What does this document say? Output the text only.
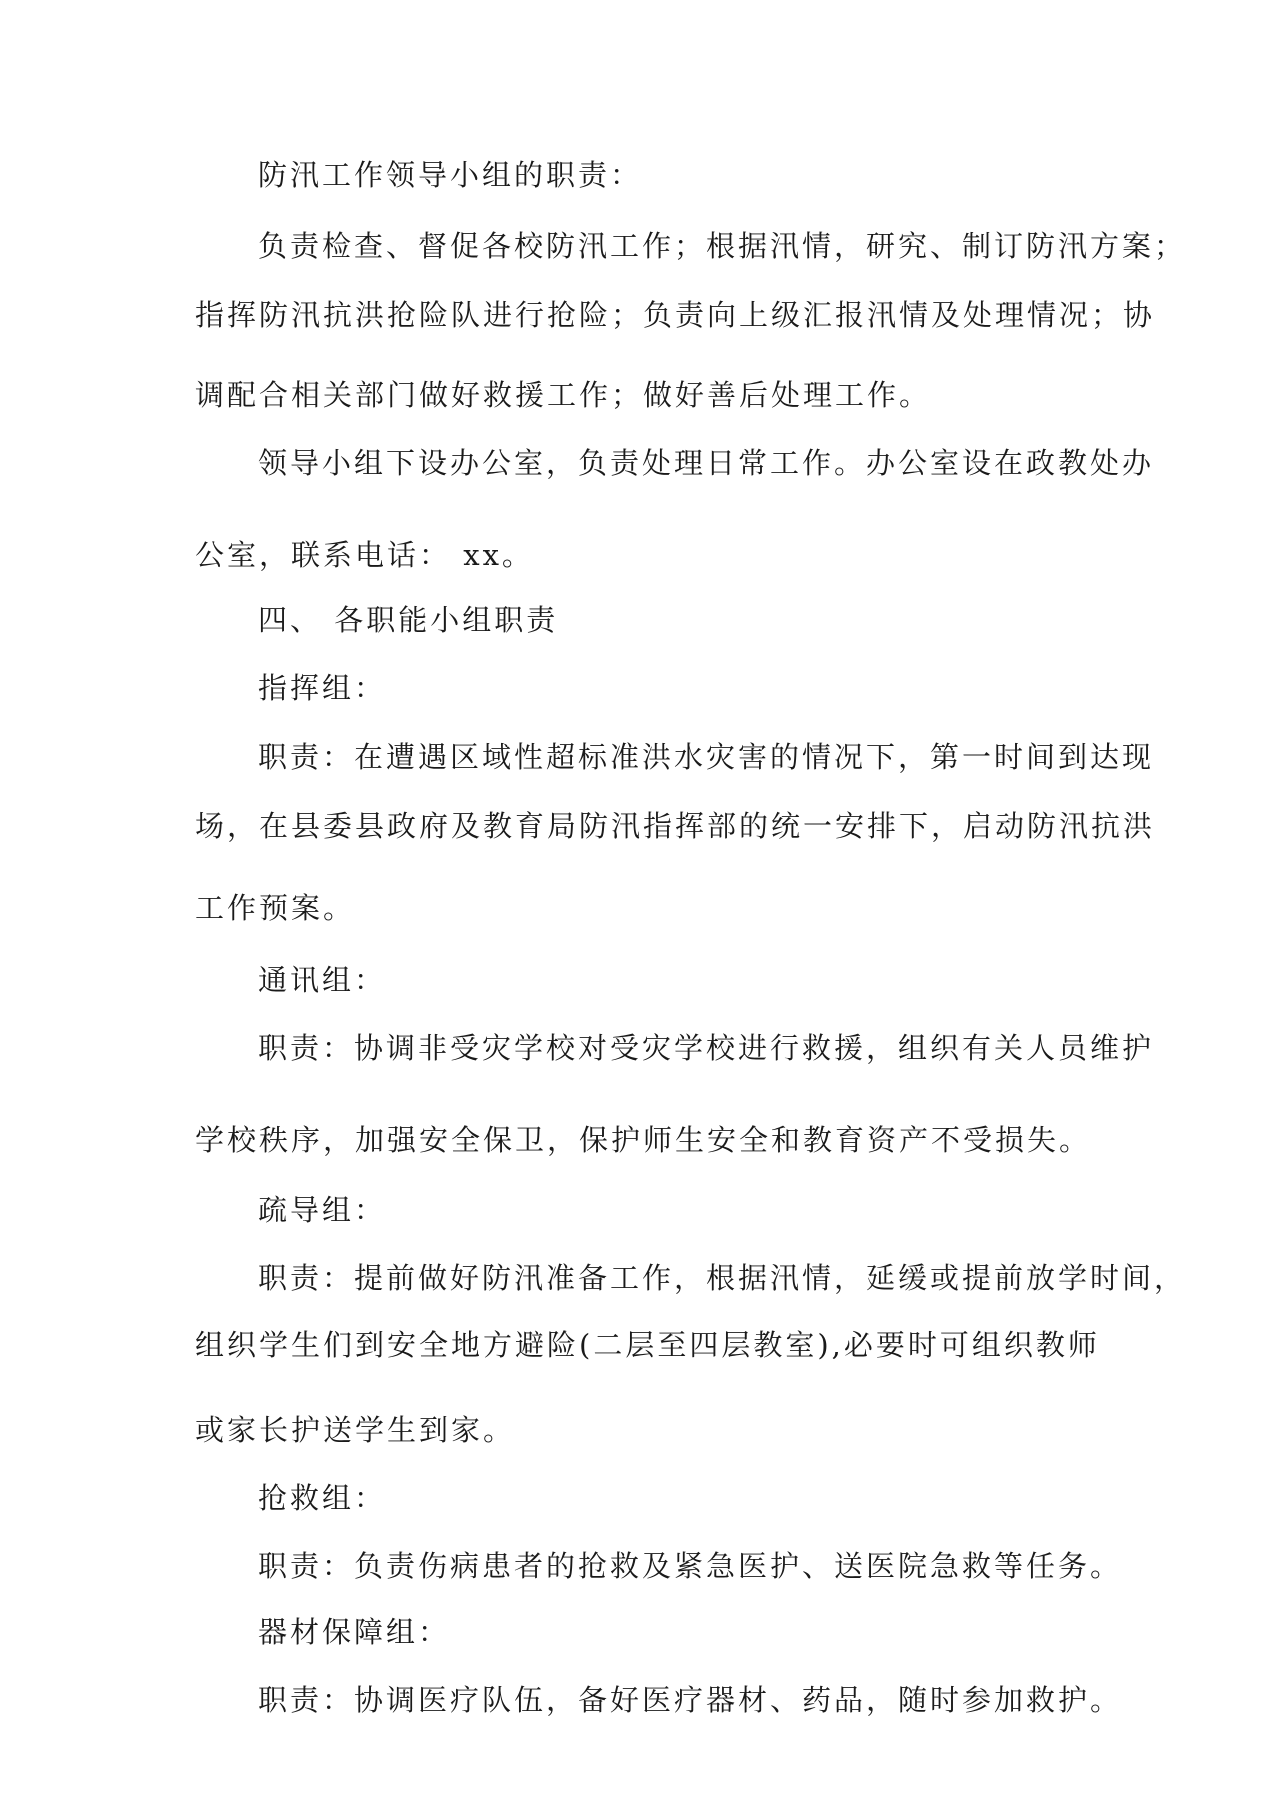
防汛工作领导小组的职责：
负责检查、督促各校防汛工作；根据汛情，研究、制订防汛方案；
指挥防汛抗洪抢险队进行抢险；负责向上级汇报汛情及处理情况；协
调配合相关部门做好救援工作；做好善后处理工作。
领导小组下设办公室，负责处理日常工作。办公室设在政教处办
公室，联系电话： xx。
四、 各职能小组职责
指挥组：
职责：在遭遇区域性超标准洪水灾害的情况下，第一时间到达现
场，在县委县政府及教育局防汛指挥部的统一安排下，启动防汛抗洪
工作预案。
通讯组：
职责：协调非受灾学校对受灾学校进行救援，组织有关人员维护
学校秩序，加强安全保卫，保护师生安全和教育资产不受损失。
疏导组：
职责：提前做好防汛准备工作，根据汛情，延缓或提前放学时间，
组织学生们到安全地方避险(二层至四层教室),必要时可组织教师
或家长护送学生到家。
抢救组：
职责：负责伤病患者的抢救及紧急医护、送医院急救等任务。
器材保障组：
职责：协调医疗队伍，备好医疗器材、药品，随时参加救护。
